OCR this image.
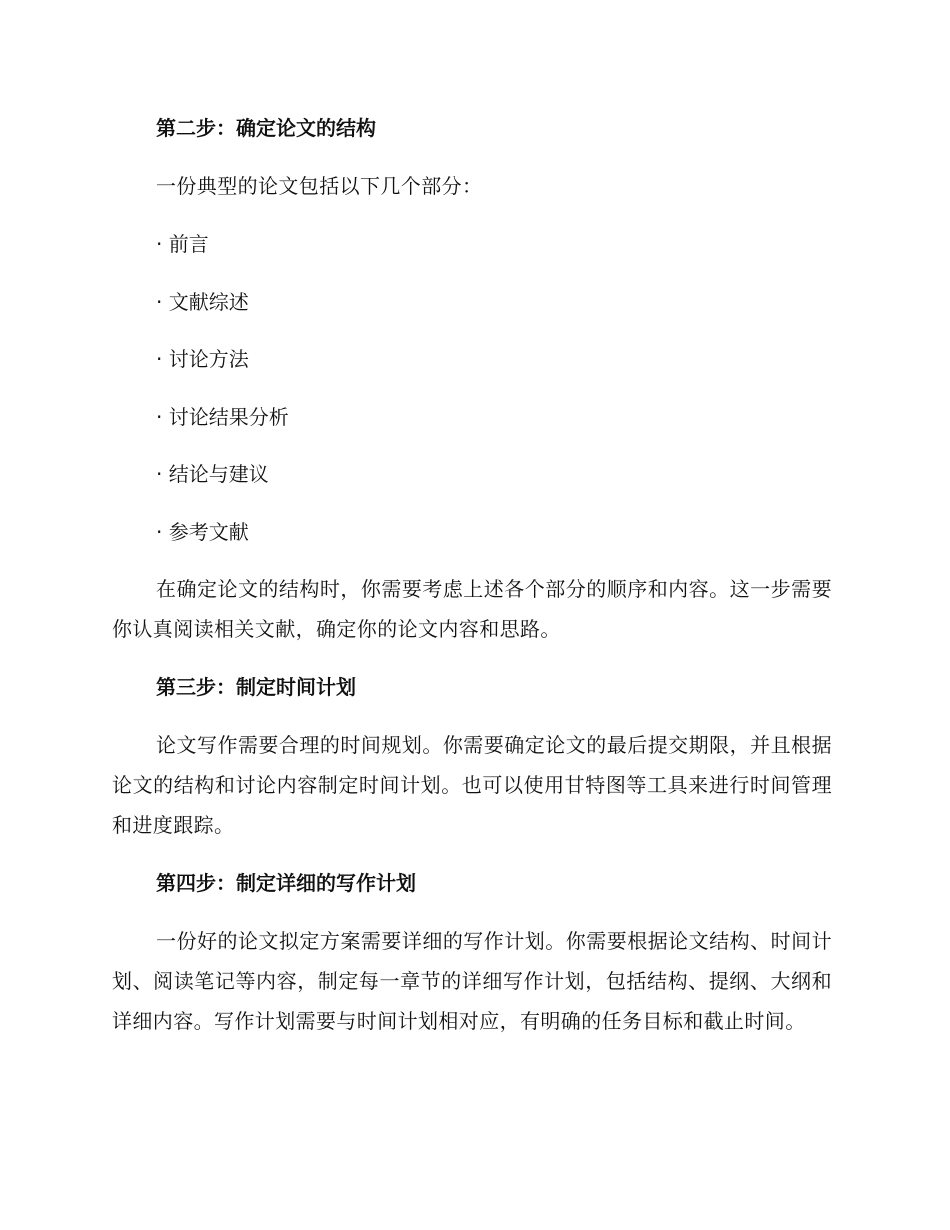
第二步：确定论文的结构

一份典型的论文包括以下几个部分：

· 前言
· 文献综述
· 讨论方法
· 讨论结果分析
· 结论与建议
· 参考文献

在确定论文的结构时，你需要考虑上述各个部分的顺序和内容。这一步需要你认真阅读相关文献，确定你的论文内容和思路。

第三步：制定时间计划

论文写作需要合理的时间规划。你需要确定论文的最后提交期限，并且根据论文的结构和讨论内容制定时间计划。也可以使用甘特图等工具来进行时间管理和进度跟踪。

第四步：制定详细的写作计划

一份好的论文拟定方案需要详细的写作计划。你需要根据论文结构、时间计划、阅读笔记等内容，制定每一章节的详细写作计划，包括结构、提纲、大纲和详细内容。写作计划需要与时间计划相对应，有明确的任务目标和截止时间。
